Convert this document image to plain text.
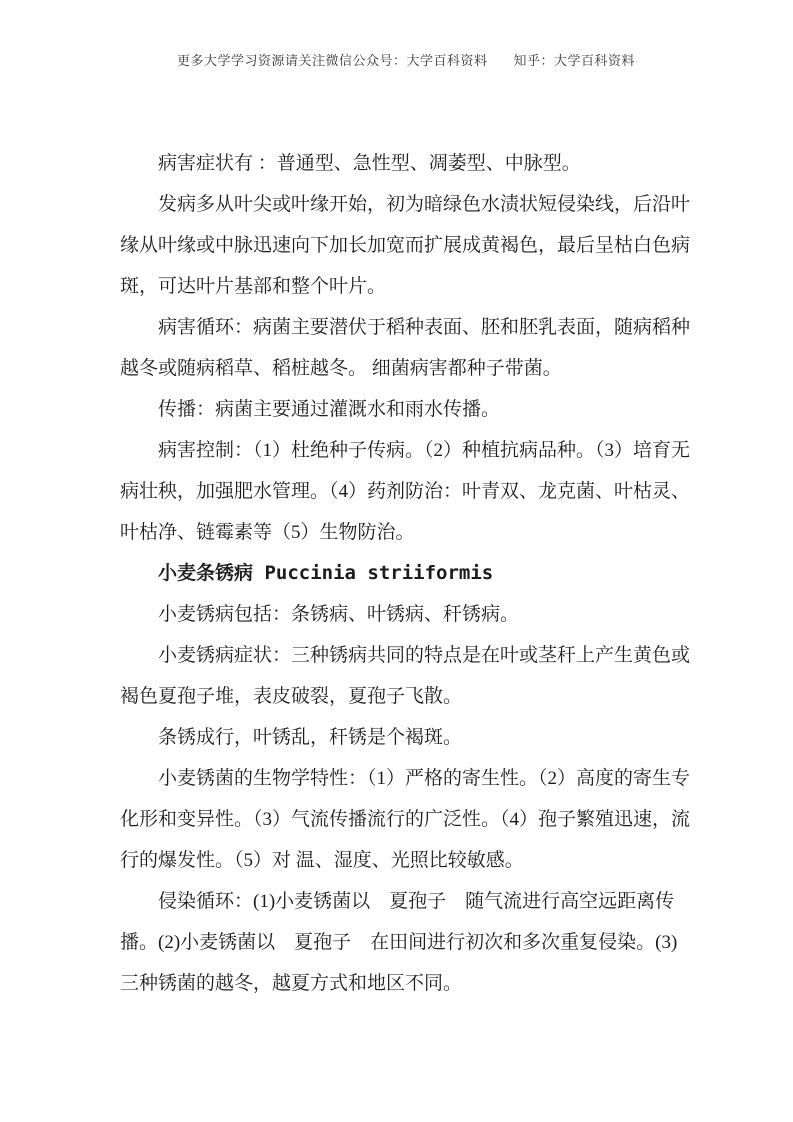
更多大学学习资源请关注微信公众号：大学百科资料 知乎：大学百科资料
病害症状有 ：普通型、急性型、凋萎型、中脉型。
发病多从叶尖或叶缘开始，初为暗绿色水渍状短侵染线，后沿叶
缘从叶缘或中脉迅速向下加长加宽而扩展成黄褐色，最后呈枯白色病
斑，可达叶片基部和整个叶片。
病害循环：病菌主要潜伏于稻种表面、胚和胚乳表面，随病稻种
越冬或随病稻草、稻桩越冬。 细菌病害都种子带菌。
传播：病菌主要通过灌溉水和雨水传播。
病害控制：（1）杜绝种子传病。（2）种植抗病品种。（3）培育无
病壮秧，加强肥水管理。（4）药剂防治：叶青双、龙克菌、叶枯灵、
叶枯净、链霉素等（5）生物防治。
小麦条锈病 Puccinia striiformis
小麦锈病包括：条锈病、叶锈病、秆锈病。
小麦锈病症状：三种锈病共同的特点是在叶或茎秆上产生黄色或
褐色夏孢子堆，表皮破裂，夏孢子飞散。
条锈成行，叶锈乱，秆锈是个褐斑。
小麦锈菌的生物学特性：（1）严格的寄生性。（2）高度的寄生专
化形和变异性。（3）气流传播流行的广泛性。（4）孢子繁殖迅速，流
行的爆发性。（5）对 温、湿度、光照比较敏感。
侵染循环：(1)小麦锈菌以　夏孢子　随气流进行高空远距离传
播。(2)小麦锈菌以　夏孢子　在田间进行初次和多次重复侵染。(3)
三种锈菌的越冬，越夏方式和地区不同。
